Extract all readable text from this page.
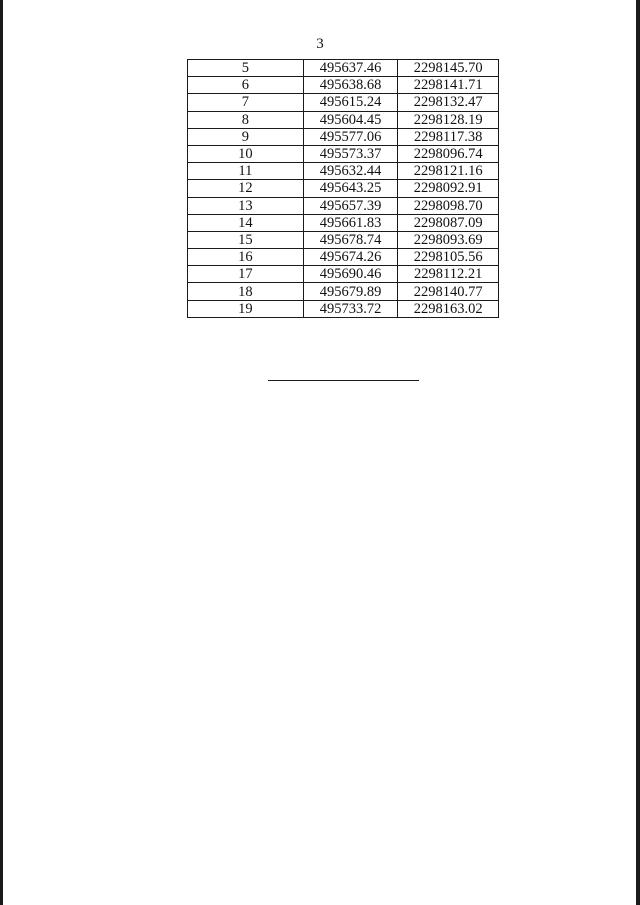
3
5	495637.46	2298145.70
6	495638.68	2298141.71
7	495615.24	2298132.47
8	495604.45	2298128.19
9	495577.06	2298117.38
10	495573.37	2298096.74
11	495632.44	2298121.16
12	495643.25	2298092.91
13	495657.39	2298098.70
14	495661.83	2298087.09
15	495678.74	2298093.69
16	495674.26	2298105.56
17	495690.46	2298112.21
18	495679.89	2298140.77
19	495733.72	2298163.02
